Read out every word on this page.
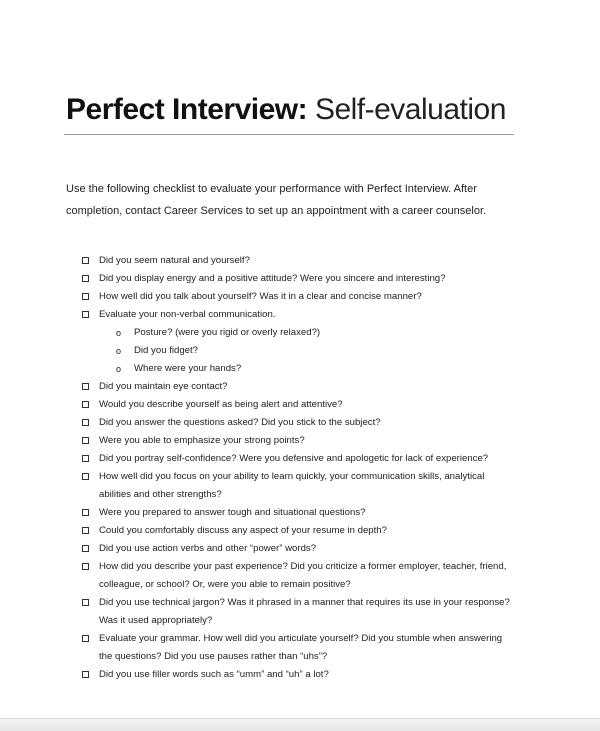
Perfect Interview: Self-evaluation

Use the following checklist to evaluate your performance with Perfect Interview. After
completion, contact Career Services to set up an appointment with a career counselor.

Did you seem natural and yourself?
Did you display energy and a positive attitude? Were you sincere and interesting?
How well did you talk about yourself? Was it in a clear and concise manner?
Evaluate your non-verbal communication.
o Posture? (were you rigid or overly relaxed?)
o Did you fidget?
o Where were your hands?
Did you maintain eye contact?
Would you describe yourself as being alert and attentive?
Did you answer the questions asked? Did you stick to the subject?
Were you able to emphasize your strong points?
Did you portray self-confidence? Were you defensive and apologetic for lack of experience?
How well did you focus on your ability to learn quickly, your communication skills, analytical
abilities and other strengths?
Were you prepared to answer tough and situational questions?
Could you comfortably discuss any aspect of your resume in depth?
Did you use action verbs and other “power” words?
How did you describe your past experience? Did you criticize a former employer, teacher, friend,
colleague, or school? Or, were you able to remain positive?
Did you use technical jargon? Was it phrased in a manner that requires its use in your response?
Was it used appropriately?
Evaluate your grammar. How well did you articulate yourself? Did you stumble when answering
the questions? Did you use pauses rather than “uhs”?
Did you use filler words such as “umm” and “uh” a lot?
